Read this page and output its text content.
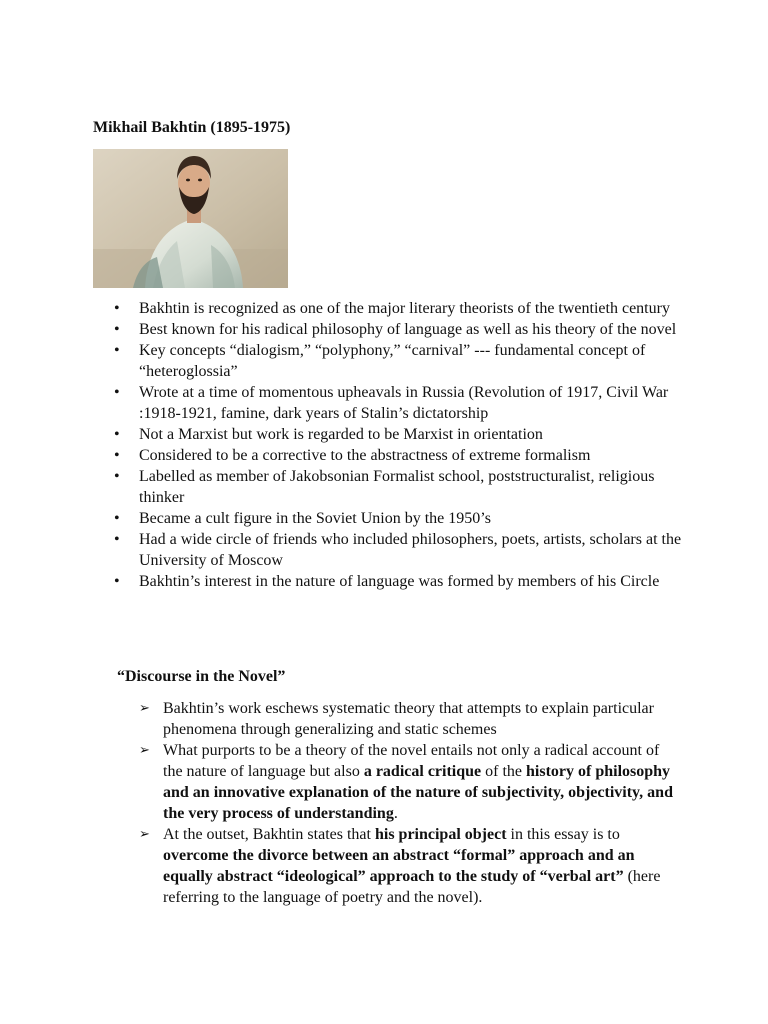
Mikhail Bakhtin (1895-1975)
• Bakhtin is recognized as one of the major literary theorists of the twentieth century
• Best known for his radical philosophy of language as well as his theory of the novel
• Key concepts “dialogism,” “polyphony,” “carnival” --- fundamental concept of “heteroglossia”
• Wrote at a time of momentous upheavals in Russia (Revolution of 1917, Civil War :1918-1921, famine, dark years of Stalin’s dictatorship
• Not a Marxist but work is regarded to be Marxist in orientation
• Considered to be a corrective to the abstractness of extreme formalism
• Labelled as member of Jakobsonian Formalist school, poststructuralist, religious thinker
• Became a cult figure in the Soviet Union by the 1950’s
• Had a wide circle of friends who included philosophers, poets, artists, scholars at the University of Moscow
• Bakhtin’s interest in the nature of language was formed by members of his Circle
“Discourse in the Novel”
➢ Bakhtin’s work eschews systematic theory that attempts to explain particular phenomena through generalizing and static schemes
➢ What purports to be a theory of the novel entails not only a radical account of the nature of language but also a radical critique of the history of philosophy and an innovative explanation of the nature of subjectivity, objectivity, and the very process of understanding.
➢ At the outset, Bakhtin states that his principal object in this essay is to overcome the divorce between an abstract “formal” approach and an equally abstract “ideological” approach to the study of “verbal art” (here referring to the language of poetry and the novel).
